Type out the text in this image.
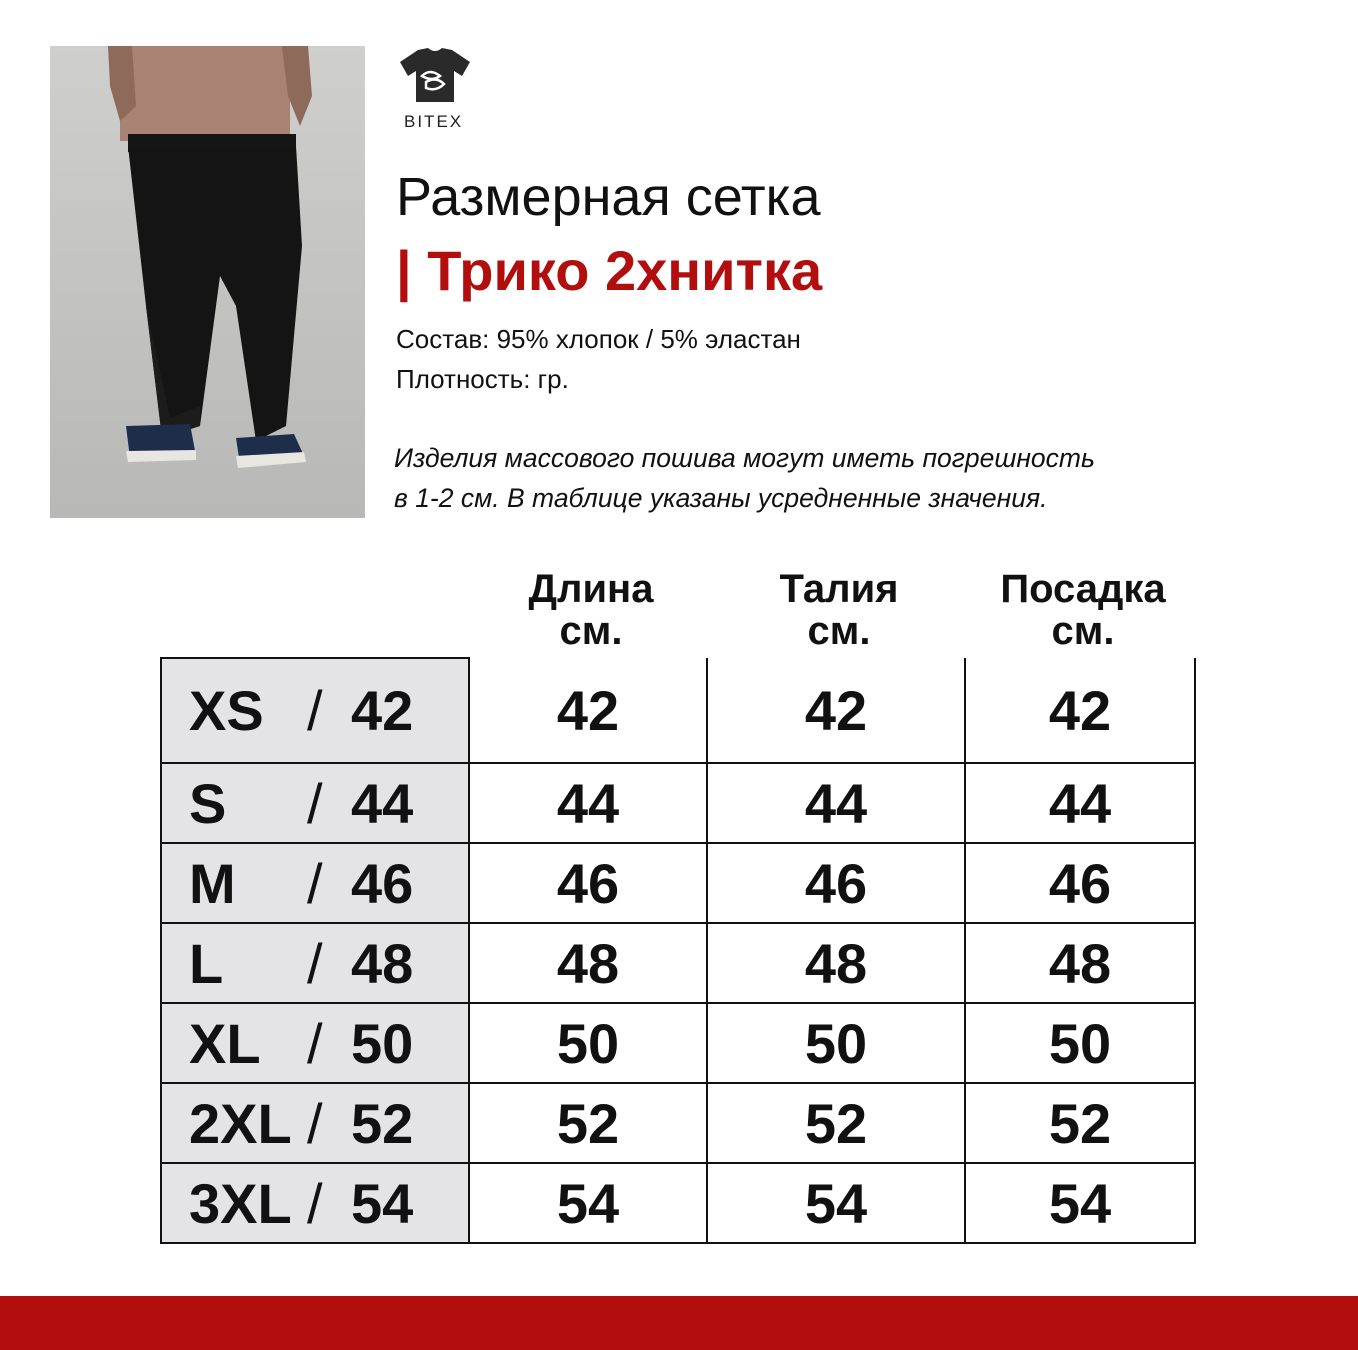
BITEX
Размерная сетка
| Трико 2хнитка
Состав: 95% хлопок / 5% эластан
Плотность: гр.
Изделия массового пошива могут иметь погрешность
в 1-2 см. В таблице указаны усредненные значения.
Длина
см.
Талия
см.
Посадка
см.
XS / 42	42	42	42
S / 44	44	44	44
M / 46	46	46	46
L / 48	48	48	48
XL / 50	50	50	50
2XL / 52	52	52	52
3XL / 54	54	54	54
